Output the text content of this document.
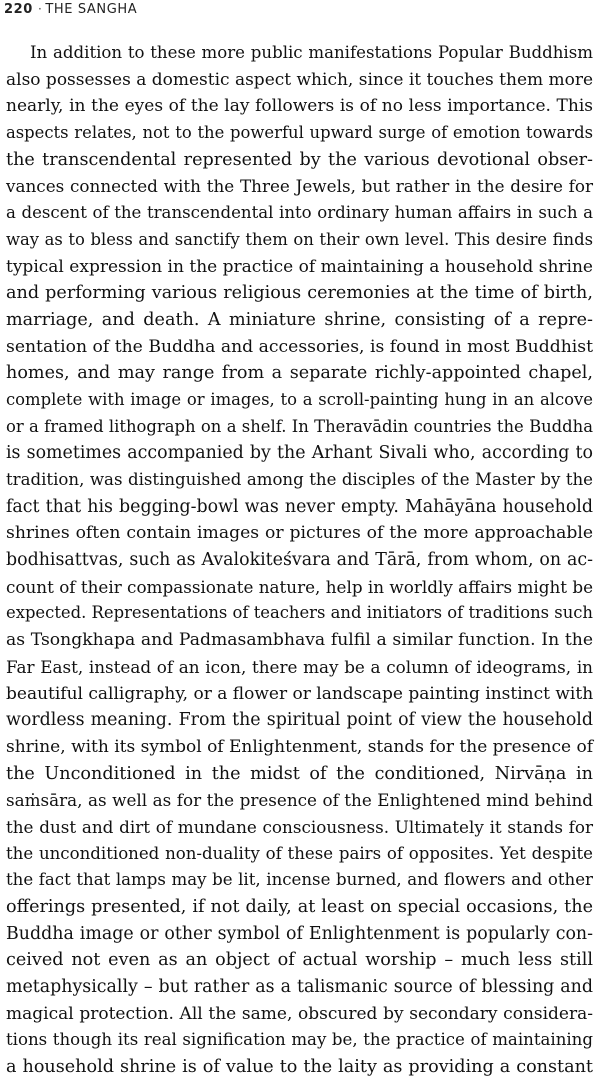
220 · THE SANGHA
In addition to these more public manifestations Popular Buddhism
also possesses a domestic aspect which, since it touches them more
nearly, in the eyes of the lay followers is of no less importance. This
aspects relates, not to the powerful upward surge of emotion towards
the transcendental represented by the various devotional obser-
vances connected with the Three Jewels, but rather in the desire for
a descent of the transcendental into ordinary human affairs in such a
way as to bless and sanctify them on their own level. This desire finds
typical expression in the practice of maintaining a household shrine
and performing various religious ceremonies at the time of birth,
marriage, and death. A miniature shrine, consisting of a repre-
sentation of the Buddha and accessories, is found in most Buddhist
homes, and may range from a separate richly-appointed chapel,
complete with image or images, to a scroll-painting hung in an alcove
or a framed lithograph on a shelf. In Theravādin countries the Buddha
is sometimes accompanied by the Arhant Sivali who, according to
tradition, was distinguished among the disciples of the Master by the
fact that his begging-bowl was never empty. Mahāyāna household
shrines often contain images or pictures of the more approachable
bodhisattvas, such as Avalokiteśvara and Tārā, from whom, on ac-
count of their compassionate nature, help in worldly affairs might be
expected. Representations of teachers and initiators of traditions such
as Tsongkhapa and Padmasambhava fulfil a similar function. In the
Far East, instead of an icon, there may be a column of ideograms, in
beautiful calligraphy, or a flower or landscape painting instinct with
wordless meaning. From the spiritual point of view the household
shrine, with its symbol of Enlightenment, stands for the presence of
the Unconditioned in the midst of the conditioned, Nirvāṇa in
saṁsāra, as well as for the presence of the Enlightened mind behind
the dust and dirt of mundane consciousness. Ultimately it stands for
the unconditioned non-duality of these pairs of opposites. Yet despite
the fact that lamps may be lit, incense burned, and flowers and other
offerings presented, if not daily, at least on special occasions, the
Buddha image or other symbol of Enlightenment is popularly con-
ceived not even as an object of actual worship – much less still
metaphysically – but rather as a talismanic source of blessing and
magical protection. All the same, obscured by secondary considera-
tions though its real signification may be, the practice of maintaining
a household shrine is of value to the laity as providing a constant
